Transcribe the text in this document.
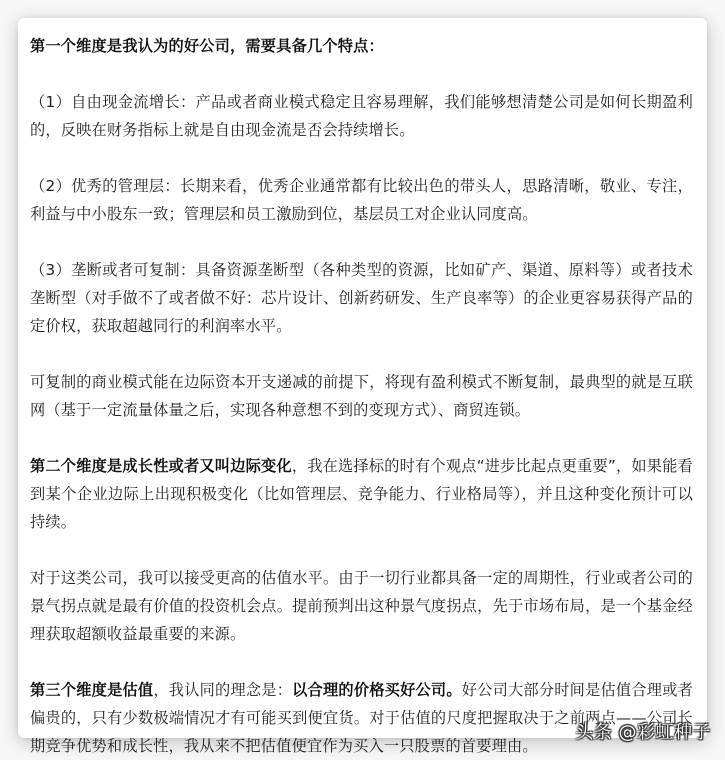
第一个维度是我认为的好公司，需要具备几个特点：

（1）自由现金流增长：产品或者商业模式稳定且容易理解，我们能够想清楚公司是如何长期盈利的，反映在财务指标上就是自由现金流是否会持续增长。

（2）优秀的管理层：长期来看，优秀企业通常都有比较出色的带头人，思路清晰，敬业、专注，利益与中小股东一致；管理层和员工激励到位，基层员工对企业认同度高。

（3）垄断或者可复制：具备资源垄断型（各种类型的资源，比如矿产、渠道、原料等）或者技术垄断型（对手做不了或者做不好：芯片设计、创新药研发、生产良率等）的企业更容易获得产品的定价权，获取超越同行的利润率水平。

可复制的商业模式能在边际资本开支递减的前提下，将现有盈利模式不断复制，最典型的就是互联网（基于一定流量体量之后，实现各种意想不到的变现方式）、商贸连锁。

第二个维度是成长性或者又叫边际变化，我在选择标的时有个观点“进步比起点更重要”，如果能看到某个企业边际上出现积极变化（比如管理层、竞争能力、行业格局等），并且这种变化预计可以持续。

对于这类公司，我可以接受更高的估值水平。由于一切行业都具备一定的周期性，行业或者公司的景气拐点就是最有价值的投资机会点。提前预判出这种景气度拐点，先于市场布局，是一个基金经理获取超额收益最重要的来源。

第三个维度是估值，我认同的理念是：以合理的价格买好公司。好公司大部分时间是估值合理或者偏贵的，只有少数极端情况才有可能买到便宜货。对于估值的尺度把握取决于之前两点——公司长期竞争优势和成长性，我从来不把估值便宜作为买入一只股票的首要理由。

头条 @彩虹种子
